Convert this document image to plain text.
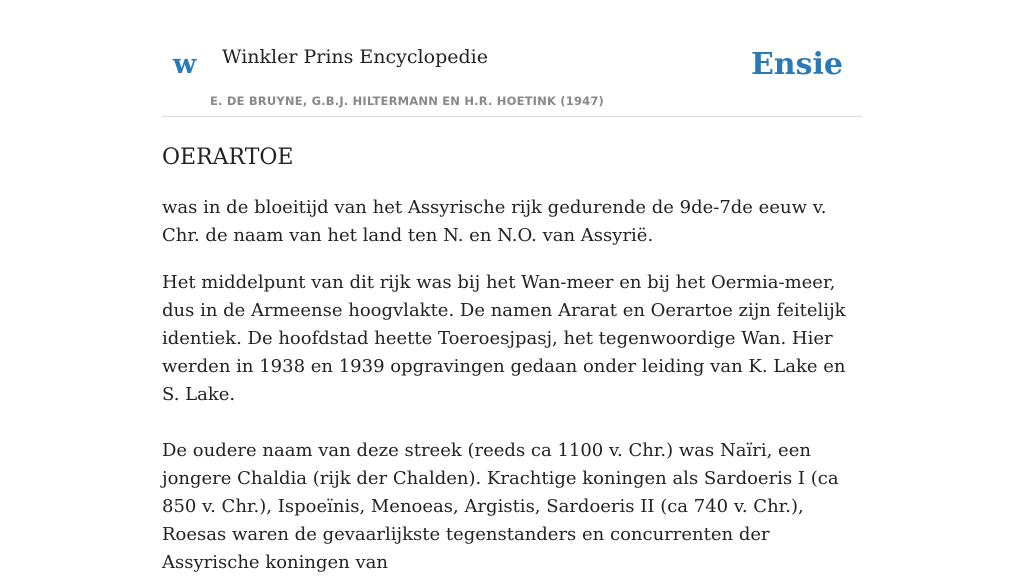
w Winkler Prins Encyclopedie
E. DE BRUYNE, G.B.J. HILTERMANN EN H.R. HOETINK (1947)
Ensie
OERARTOE

was in de bloeitijd van het Assyrische rijk gedurende de 9de-7de eeuw v. Chr. de naam van het land ten N. en N.O. van Assyrië.

Het middelpunt van dit rijk was bij het Wan-meer en bij het Oermia-meer, dus in de Armeense hoogvlakte. De namen Ararat en Oerartoe zijn feitelijk identiek. De hoofdstad heette Toeroesjpasj, het tegenwoordige Wan. Hier werden in 1938 en 1939 opgravingen gedaan onder leiding van K. Lake en S. Lake.

De oudere naam van deze streek (reeds ca 1100 v. Chr.) was Naïri, een jongere Chaldia (rijk der Chalden). Krachtige koningen als Sardoeris I (ca 850 v. Chr.), Ispoeïnis, Menoeas, Argistis, Sardoeris II (ca 740 v. Chr.), Roesas waren de gevaarlijkste tegenstanders en concurrenten der Assyrische koningen van
